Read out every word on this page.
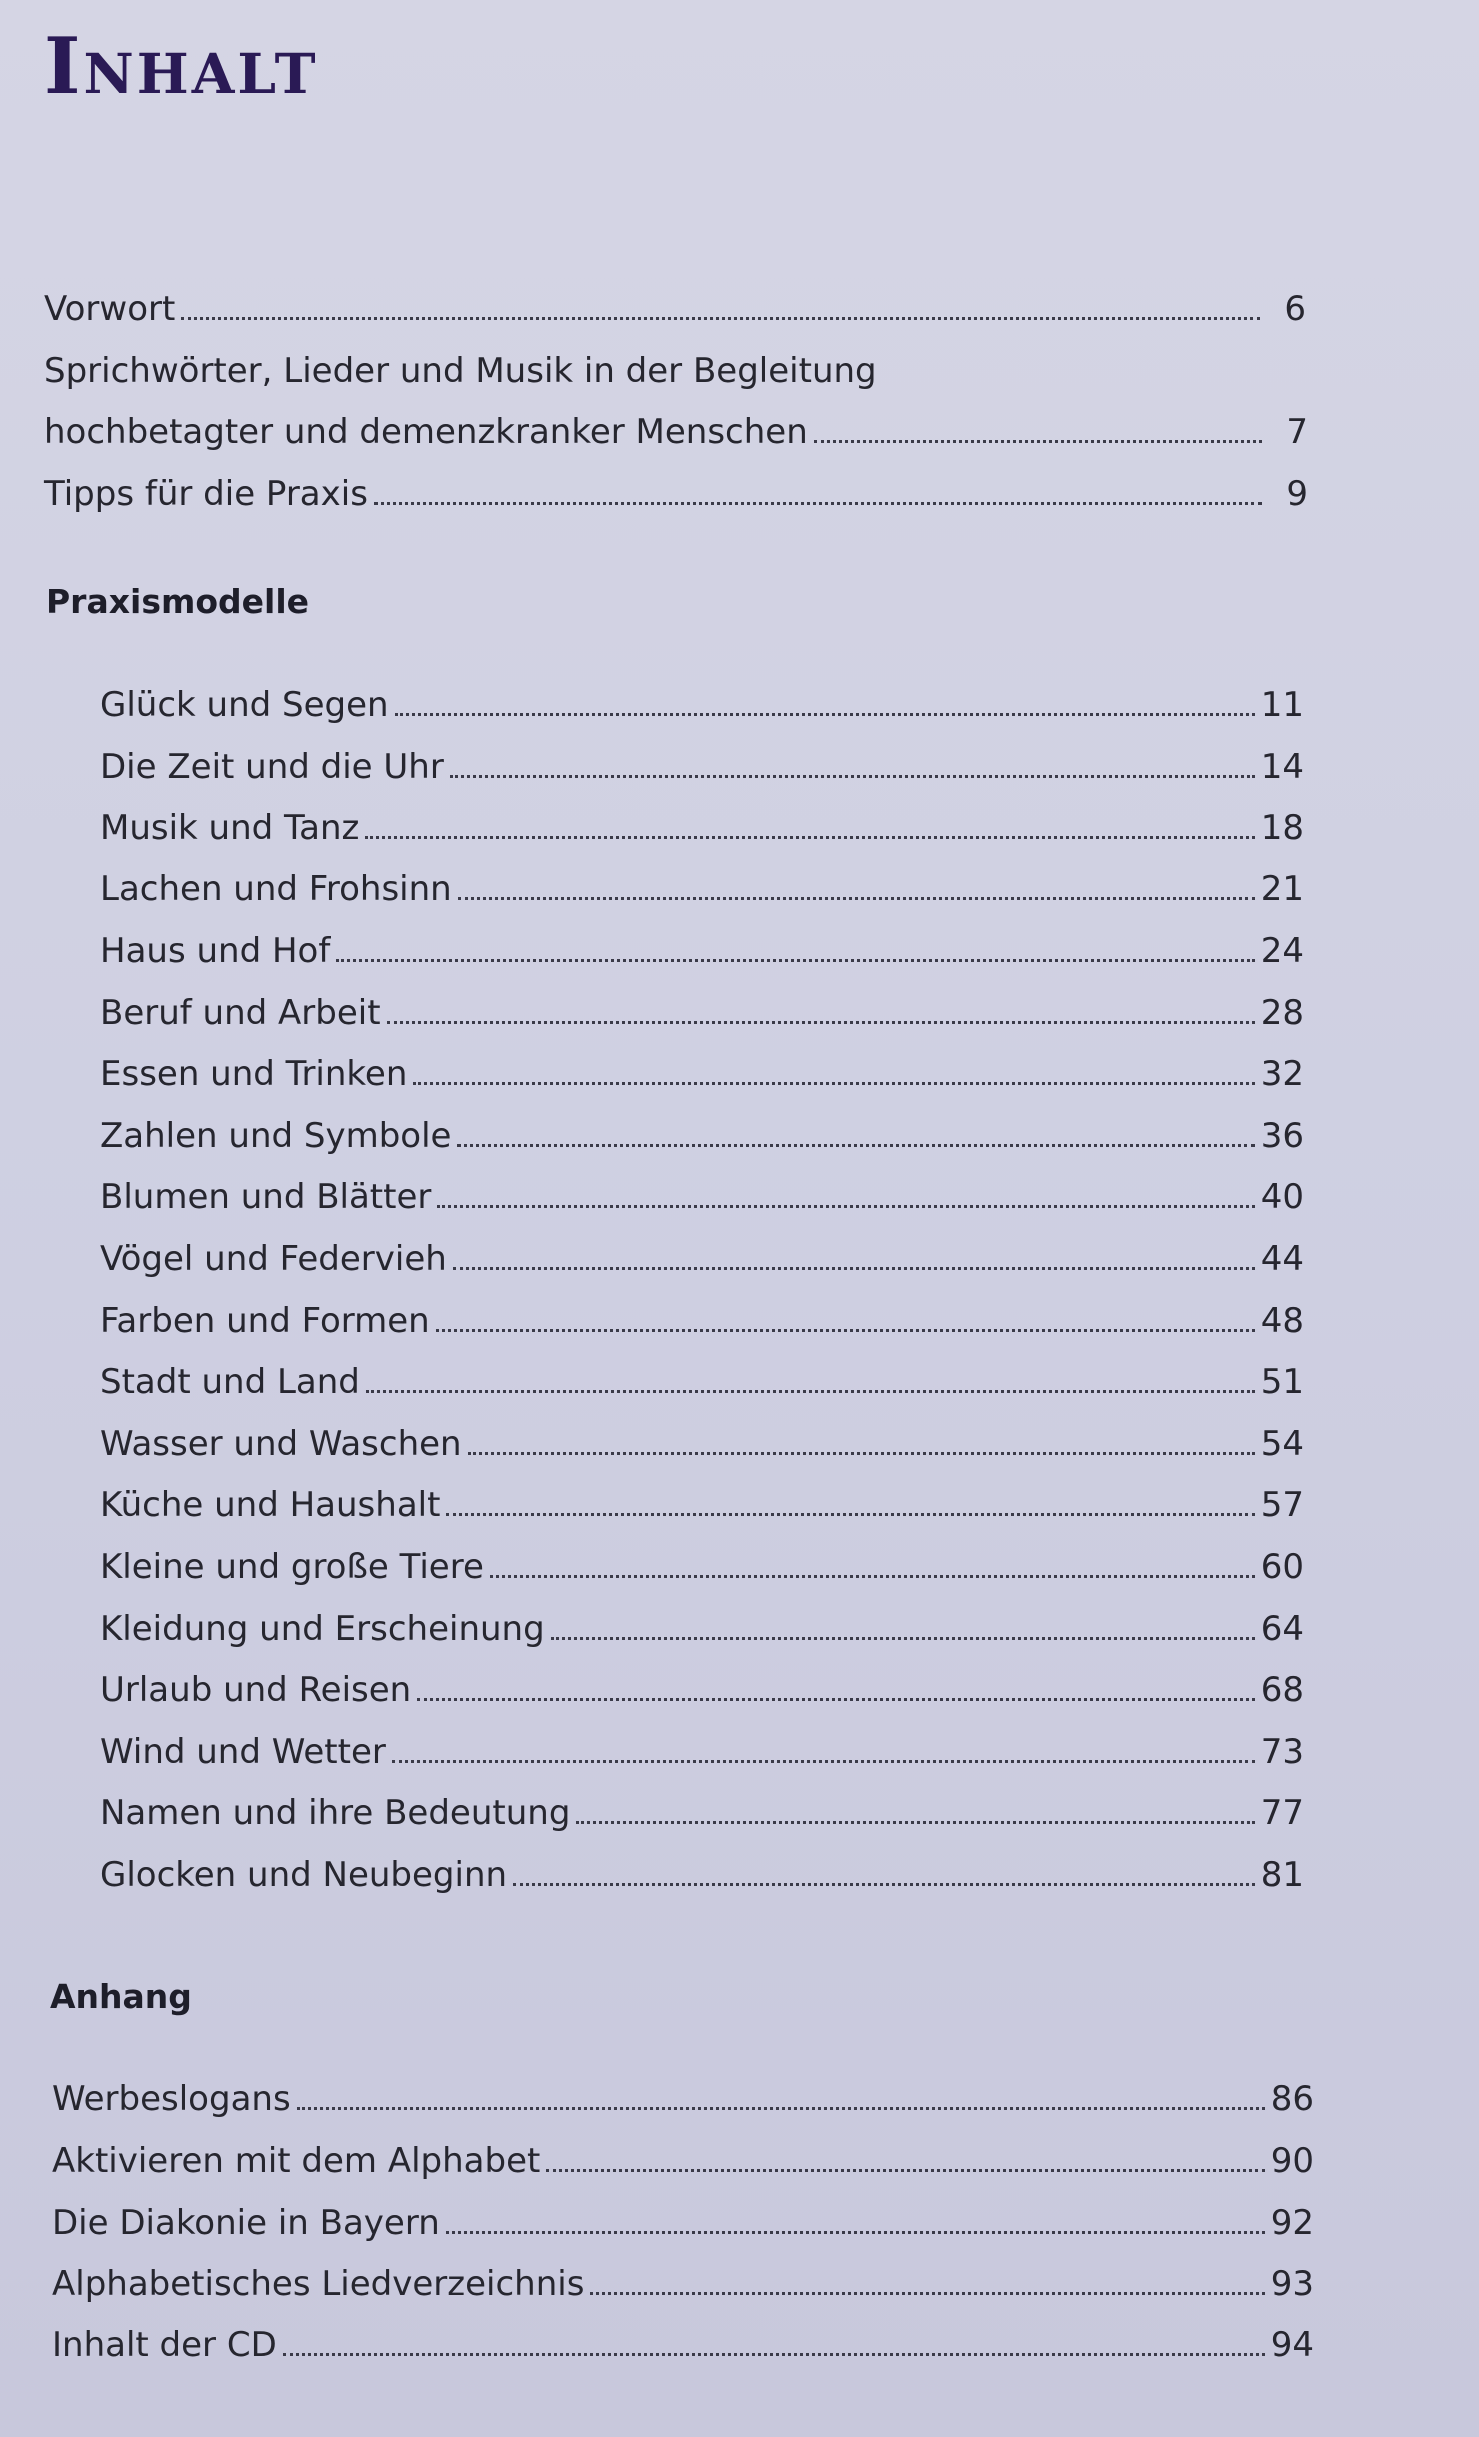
Inhalt
Vorwort	6
Sprichwörter, Lieder und Musik in der Begleitung
hochbetagter und demenzkranker Menschen	7
Tipps für die Praxis	9
Praxismodelle
Glück und Segen	11
Die Zeit und die Uhr	14
Musik und Tanz	18
Lachen und Frohsinn	21
Haus und Hof	24
Beruf und Arbeit	28
Essen und Trinken	32
Zahlen und Symbole	36
Blumen und Blätter	40
Vögel und Federvieh	44
Farben und Formen	48
Stadt und Land	51
Wasser und Waschen	54
Küche und Haushalt	57
Kleine und große Tiere	60
Kleidung und Erscheinung	64
Urlaub und Reisen	68
Wind und Wetter	73
Namen und ihre Bedeutung	77
Glocken und Neubeginn	81
Anhang
Werbeslogans	86
Aktivieren mit dem Alphabet	90
Die Diakonie in Bayern	92
Alphabetisches Liedverzeichnis	93
Inhalt der CD	94
